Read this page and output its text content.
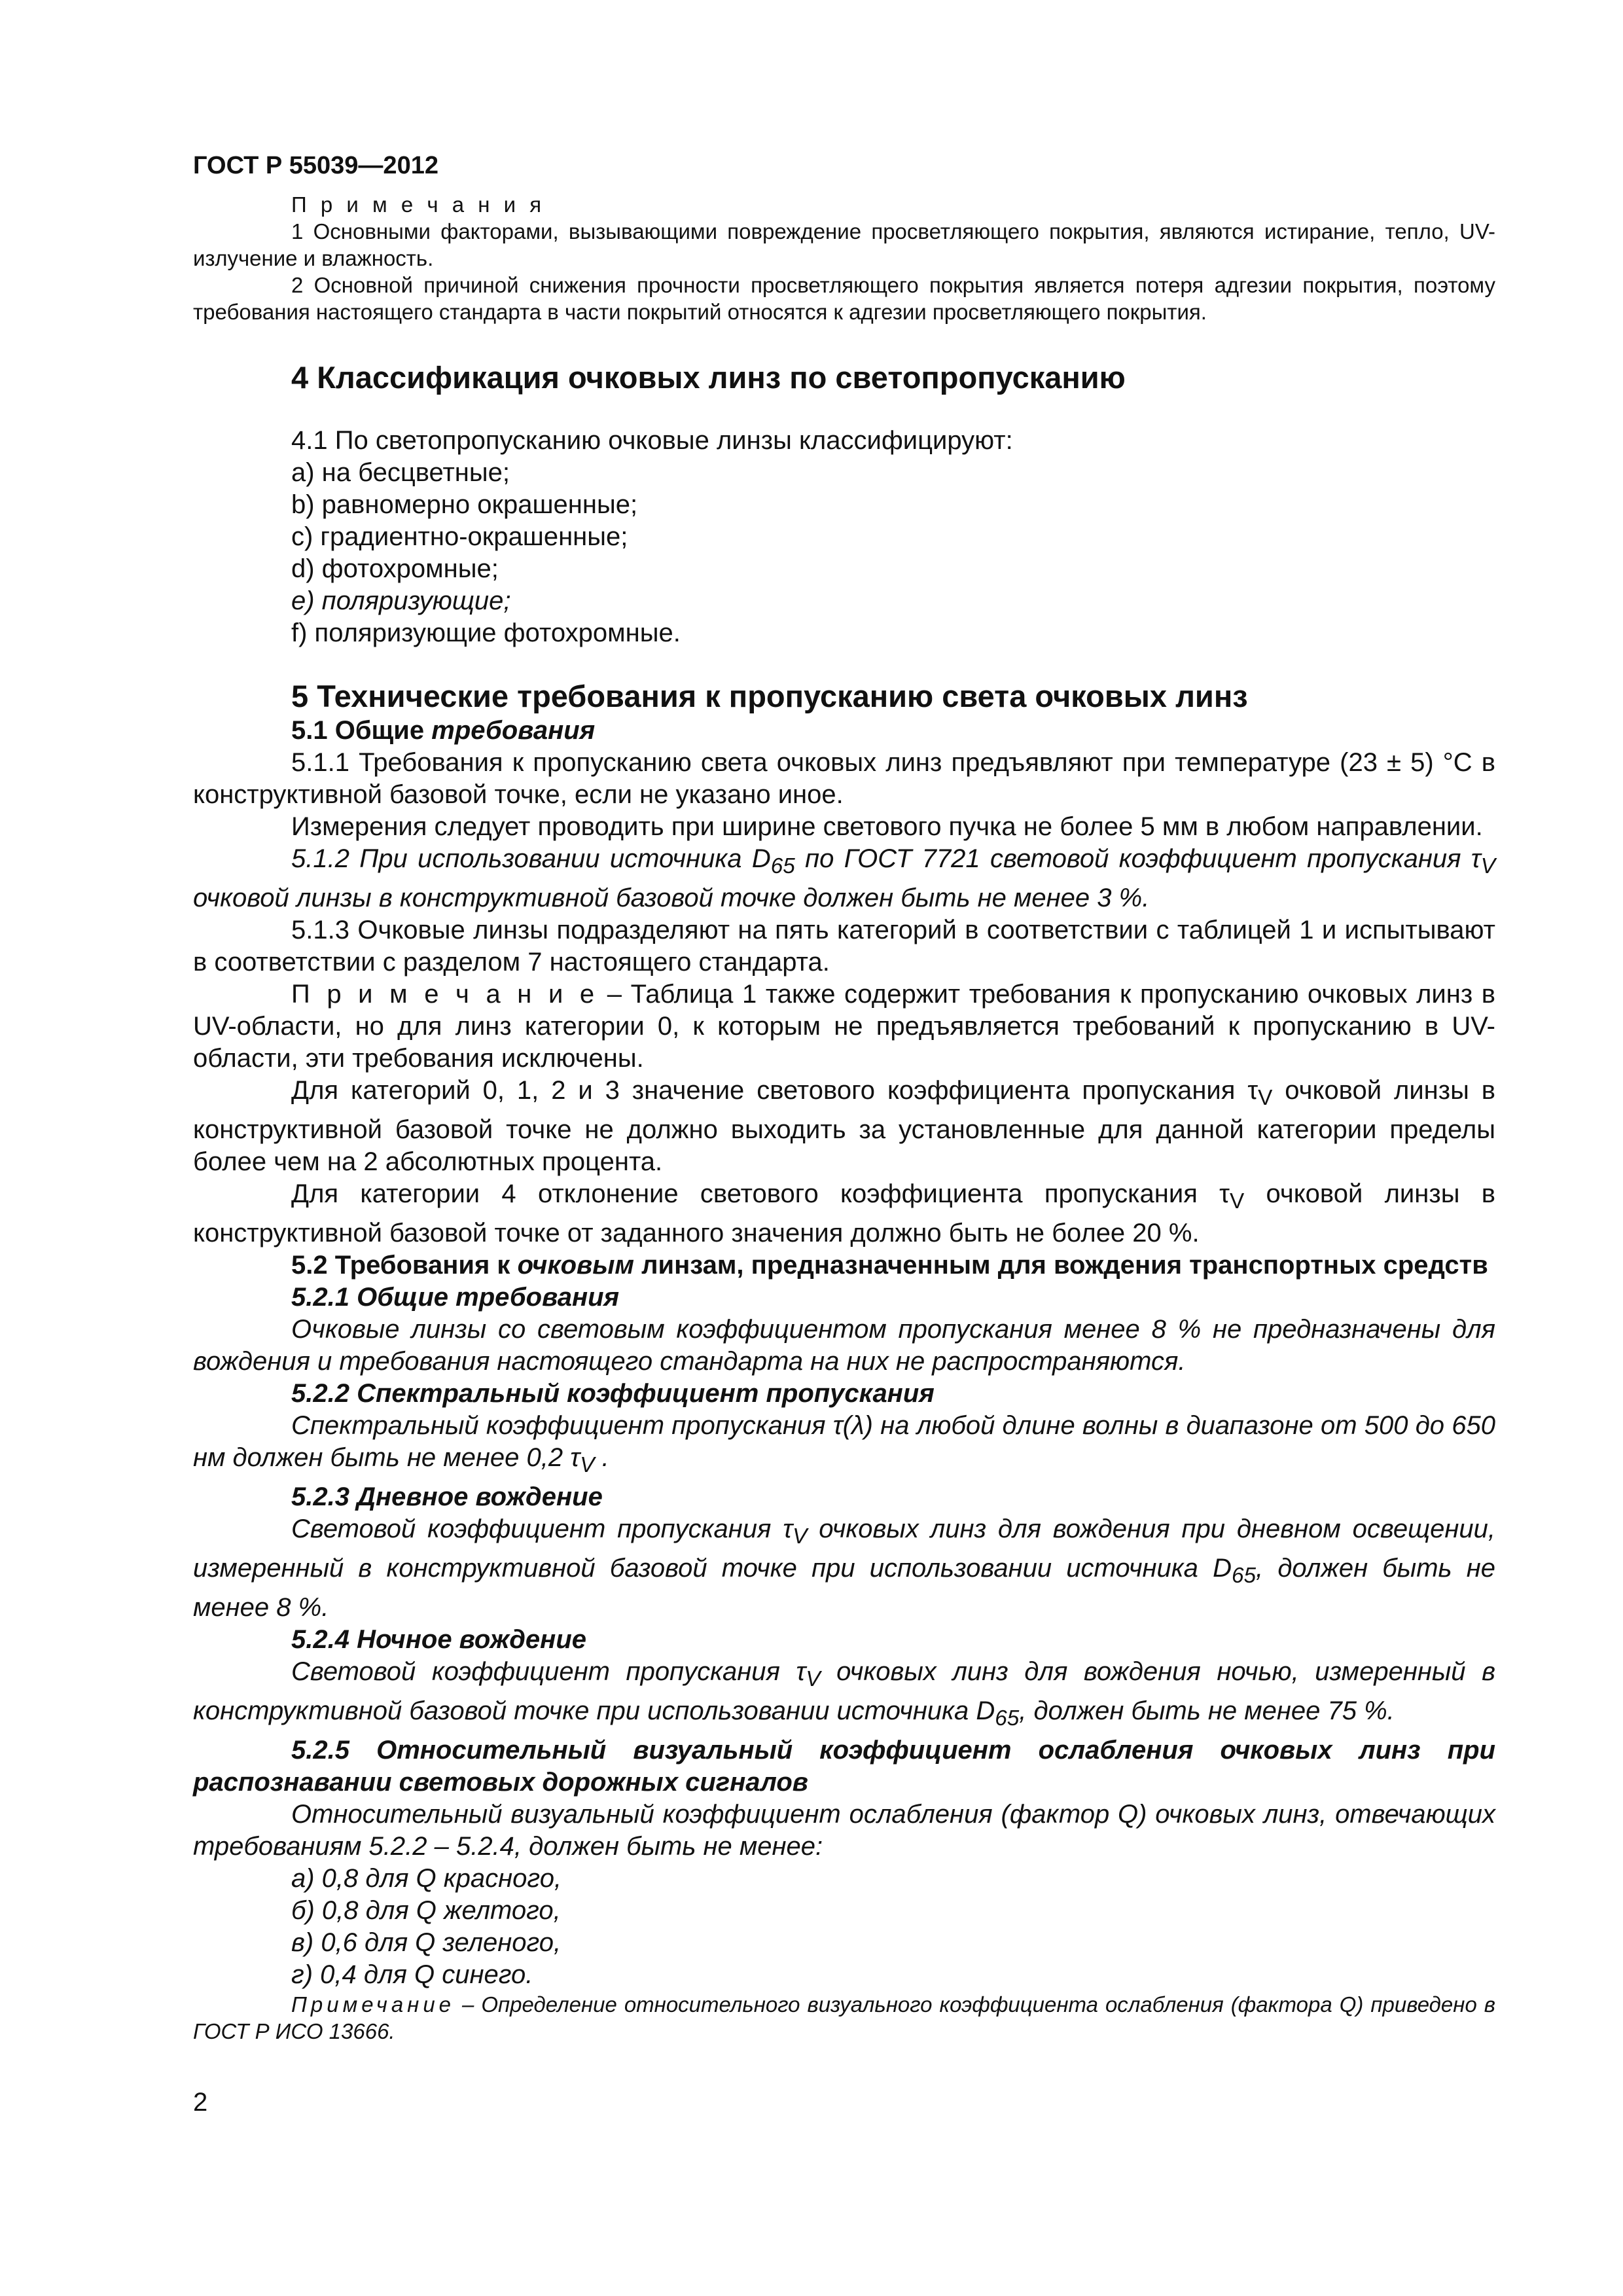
ГОСТ Р 55039—2012

П р и м е ч а н и я

1 Основными факторами, вызывающими повреждение просветляющего покрытия, являются истирание, тепло, UV-излучение и влажность.

2 Основной причиной снижения прочности просветляющего покрытия является потеря адгезии покрытия, поэтому требования настоящего стандарта в части покрытий относятся к адгезии просветляющего покрытия.

4 Классификация очковых линз по светопропусканию

4.1 По светопропусканию очковые линзы классифицируют:

а) на бесцветные;

b) равномерно окрашенные;

c) градиентно-окрашенные;

d) фотохромные;

e) поляризующие;

f) поляризующие фотохромные.

5 Технические требования к пропусканию света очковых линз

5.1 Общие требования

5.1.1 Требования к пропусканию света очковых линз предъявляют при температуре (23 ± 5) °С в конструктивной базовой точке, если не указано иное.

Измерения следует проводить при ширине светового пучка не более 5 мм в любом направлении.

5.1.2 При использовании источника $D_{65}$ по ГОСТ 7721 световой коэффициент пропускания $\tau_V$ очковой линзы в конструктивной базовой точке должен быть не менее 3 %.

5.1.3 Очковые линзы подразделяют на пять категорий в соответствии с таблицей 1 и испытывают в соответствии с разделом 7 настоящего стандарта.

П р и м е ч а н и е – Таблица 1 также содержит требования к пропусканию очковых линз в UV-области, но для линз категории 0, к которым не предъявляется требований к пропусканию в UV-области, эти требования исключены.

Для категорий 0, 1, 2 и 3 значение светового коэффициента пропускания $\tau_V$ очковой линзы в конструктивной базовой точке не должно выходить за установленные для данной категории пределы более чем на 2 абсолютных процента.

Для категории 4 отклонение светового коэффициента пропускания $\tau_V$ очковой линзы в конструктивной базовой точке от заданного значения должно быть не более 20 %.

5.2 Требования к очковым линзам, предназначенным для вождения транспортных средств

5.2.1 Общие требования

Очковые линзы со световым коэффициентом пропускания менее 8 % не предназначены для вождения и требования настоящего стандарта на них не распространяются.

5.2.2 Спектральный коэффициент пропускания

Спектральный коэффициент пропускания τ(λ) на любой длине волны в диапазоне от 500 до 650 нм должен быть не менее 0,2 $\tau_V$ .

5.2.3 Дневное вождение

Световой коэффициент пропускания $\tau_V$ очковых линз для вождения при дневном освещении, измеренный в конструктивной базовой точке при использовании источника $D_{65}$, должен быть не менее 8 %.

5.2.4 Ночное вождение

Световой коэффициент пропускания $\tau_V$ очковых линз для вождения ночью, измеренный в конструктивной базовой точке при использовании источника $D_{65}$, должен быть не менее 75 %.

5.2.5 Относительный визуальный коэффициент ослабления очковых линз при распознавании световых дорожных сигналов

Относительный визуальный коэффициент ослабления (фактор Q) очковых линз, отвечающих требованиям 5.2.2 – 5.2.4, должен быть не менее:

а) 0,8 для Q красного,

б) 0,8 для Q желтого,

в) 0,6 для Q зеленого,

г) 0,4 для Q синего.

Примечание – Определение относительного визуального коэффициента ослабления (фактора Q) приведено в ГОСТ Р ИСО 13666.

2
